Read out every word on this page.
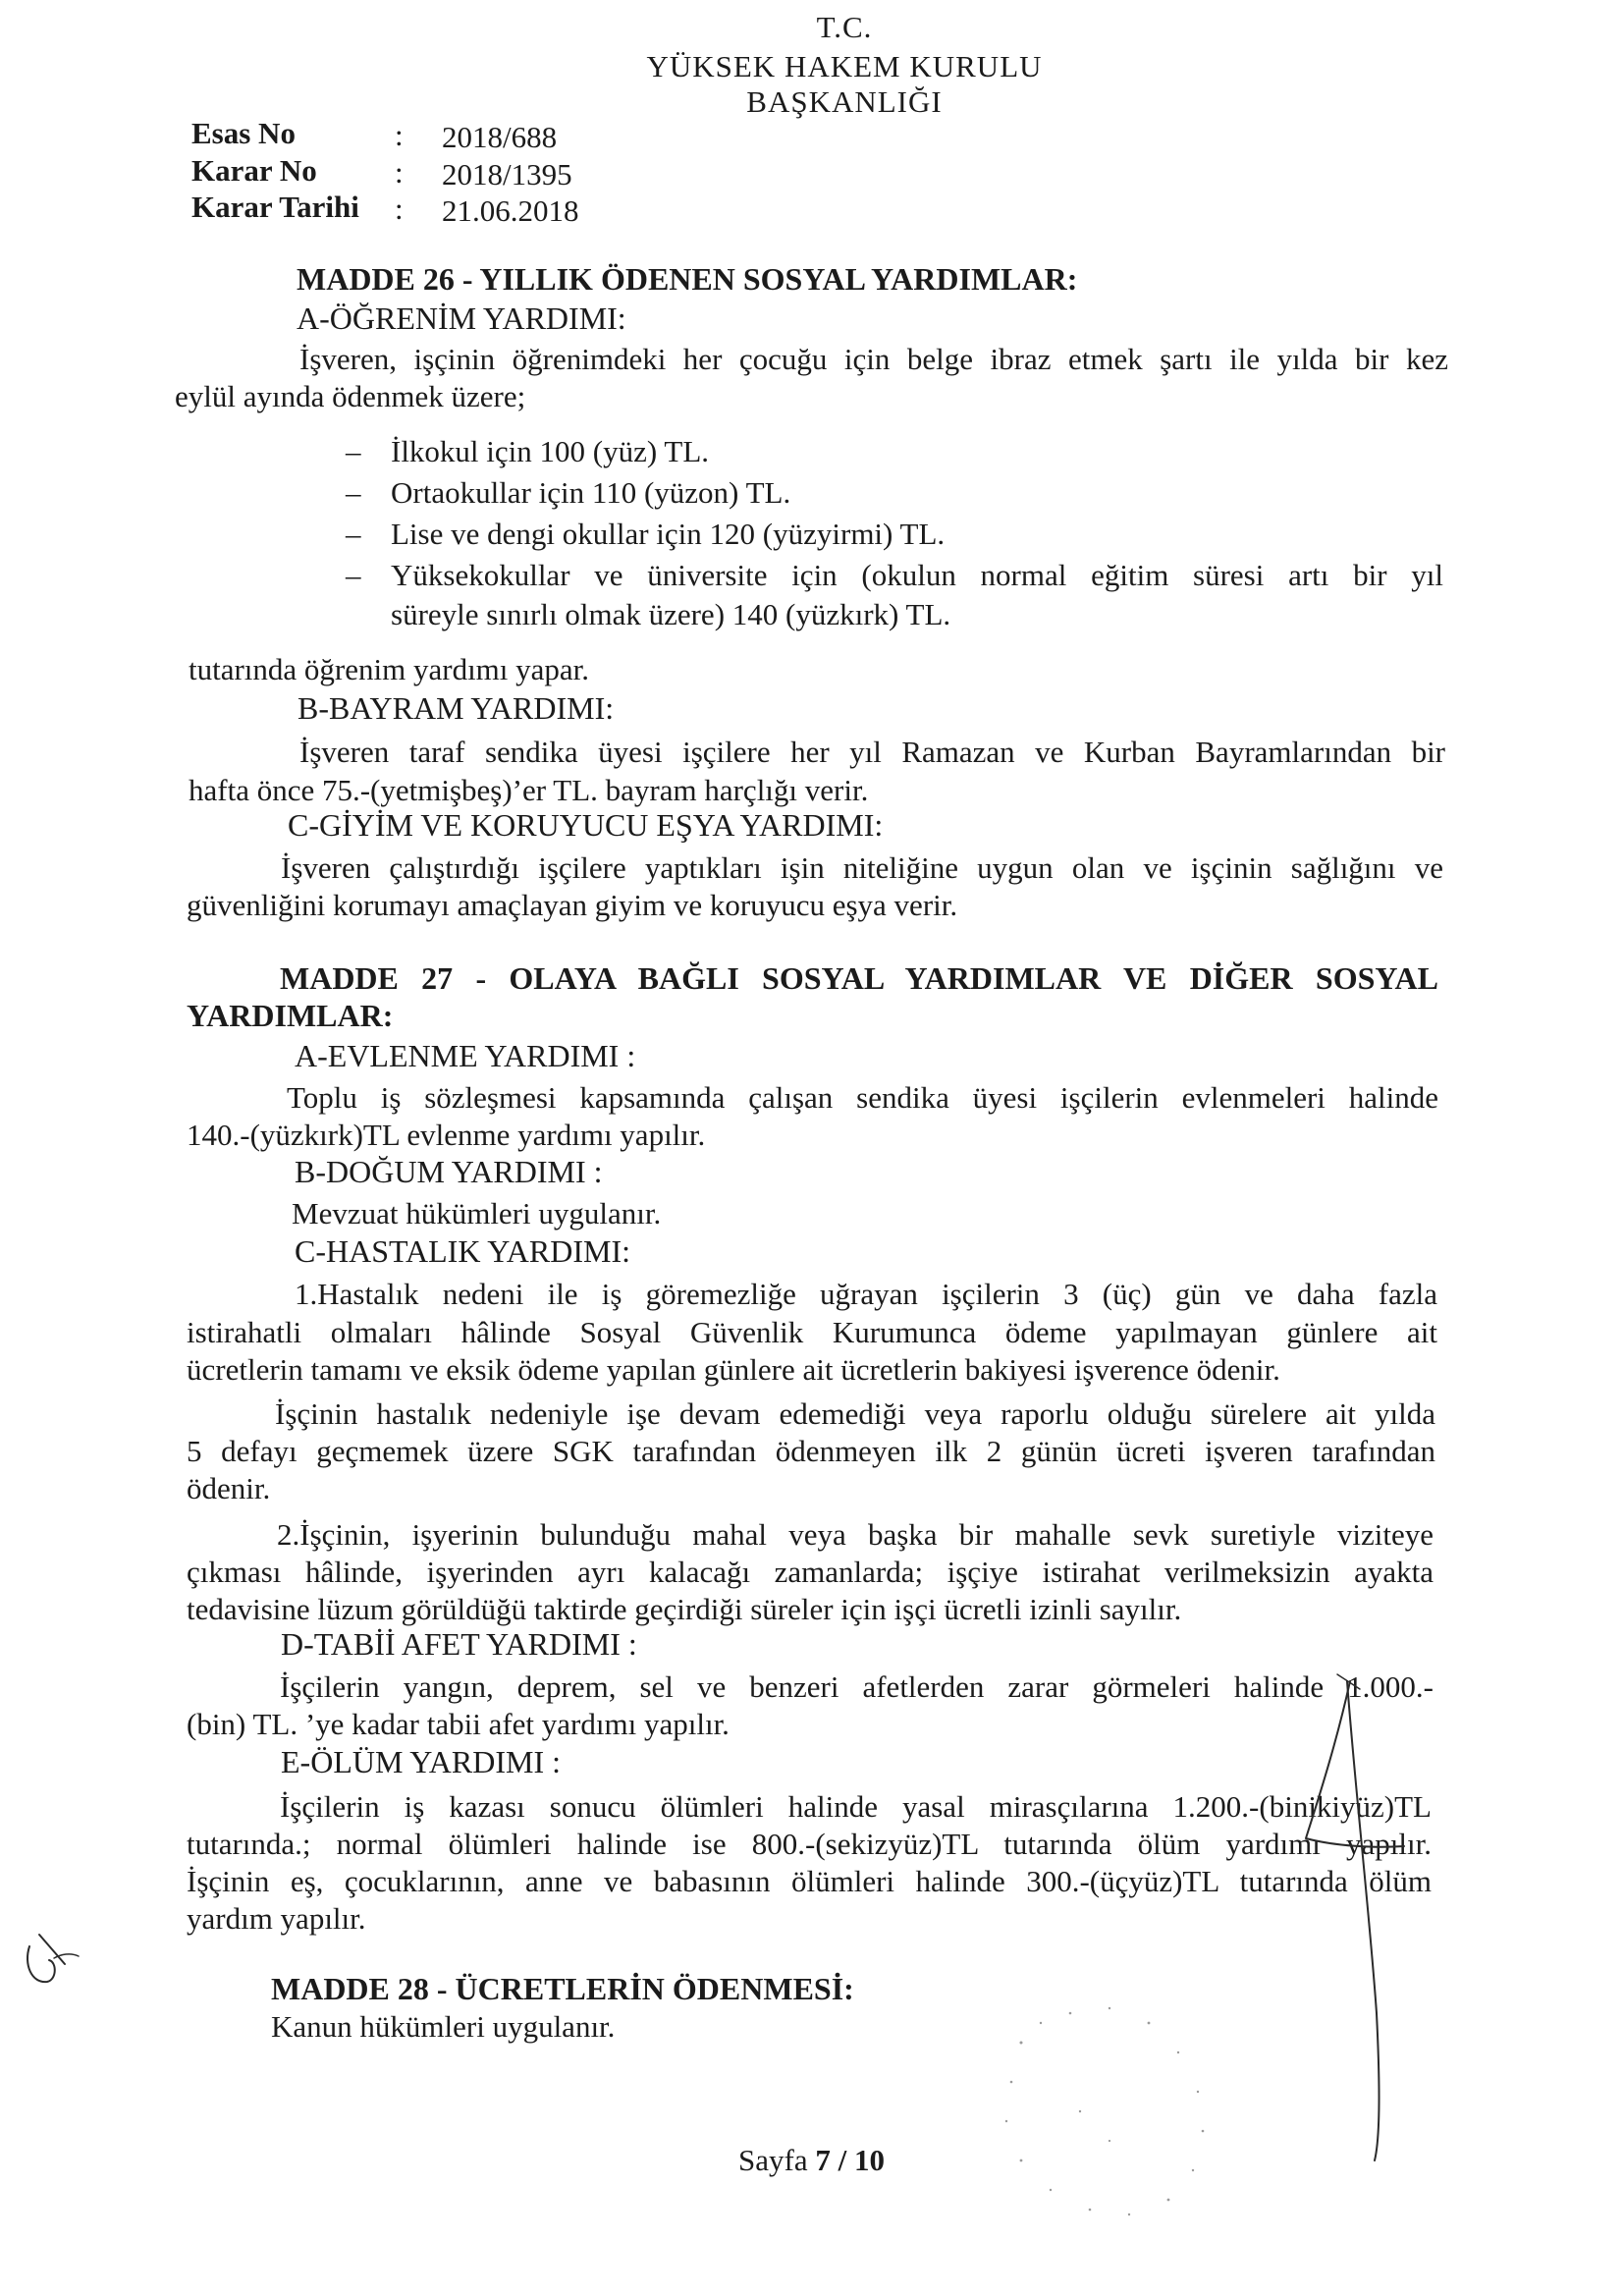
T.C.
YÜKSEK HAKEM KURULU
BAŞKANLIĞI
Esas No	: 2018/688
Karar No	: 2018/1395
Karar Tarihi : 21.06.2018
MADDE 26 - YILLIK ÖDENEN SOSYAL YARDIMLAR:
A-ÖĞRENİM YARDIMI:
İşveren, işçinin öğrenimdeki her çocuğu için belge ibraz etmek şartı ile yılda bir kez
eylül ayında ödenmek üzere;
– İlkokul için 100 (yüz) TL.
– Ortaokullar için 110 (yüzon) TL.
– Lise ve dengi okullar için 120 (yüzyirmi) TL.
– Yüksekokullar ve üniversite için (okulun normal eğitim süresi artı bir yıl
süreyle sınırlı olmak üzere) 140 (yüzkırk) TL.
tutarında öğrenim yardımı yapar.
B-BAYRAM YARDIMI:
İşveren taraf sendika üyesi işçilere her yıl Ramazan ve Kurban Bayramlarından bir
hafta önce 75.-(yetmişbeş)’er TL. bayram harçlığı verir.
C-GİYİM VE KORUYUCU EŞYA YARDIMI:
İşveren çalıştırdığı işçilere yaptıkları işin niteliğine uygun olan ve işçinin sağlığını ve
güvenliğini korumayı amaçlayan giyim ve koruyucu eşya verir.
MADDE 27 - OLAYA BAĞLI SOSYAL YARDIMLAR VE DİĞER SOSYAL
YARDIMLAR:
A-EVLENME YARDIMI :
Toplu iş sözleşmesi kapsamında çalışan sendika üyesi işçilerin evlenmeleri halinde
140.-(yüzkırk)TL evlenme yardımı yapılır.
B-DOĞUM YARDIMI :
Mevzuat hükümleri uygulanır.
C-HASTALIK YARDIMI:
1.Hastalık nedeni ile iş göremezliğe uğrayan işçilerin 3 (üç) gün ve daha fazla
istirahatli olmaları hâlinde Sosyal Güvenlik Kurumunca ödeme yapılmayan günlere ait
ücretlerin tamamı ve eksik ödeme yapılan günlere ait ücretlerin bakiyesi işverence ödenir.
İşçinin hastalık nedeniyle işe devam edemediği veya raporlu olduğu sürelere ait yılda
5 defayı geçmemek üzere SGK tarafından ödenmeyen ilk 2 günün ücreti işveren tarafından
ödenir.
2.İşçinin, işyerinin bulunduğu mahal veya başka bir mahalle sevk suretiyle viziteye
çıkması hâlinde, işyerinden ayrı kalacağı zamanlarda; işçiye istirahat verilmeksizin ayakta
tedavisine lüzum görüldüğü taktirde geçirdiği süreler için işçi ücretli izinli sayılır.
D-TABİİ AFET YARDIMI :
İşçilerin yangın, deprem, sel ve benzeri afetlerden zarar görmeleri halinde 1.000.-
(bin) TL. ’ye kadar tabii afet yardımı yapılır.
E-ÖLÜM YARDIMI :
İşçilerin iş kazası sonucu ölümleri halinde yasal mirasçılarına 1.200.-(binikiyüz)TL
tutarında.; normal ölümleri halinde ise 800.-(sekizyüz)TL tutarında ölüm yardımı yapılır.
İşçinin eş, çocuklarının, anne ve babasının ölümleri halinde 300.-(üçyüz)TL tutarında ölüm
yardım yapılır.
MADDE 28 - ÜCRETLERİN ÖDENMESİ:
Kanun hükümleri uygulanır.
Sayfa 7 / 10
